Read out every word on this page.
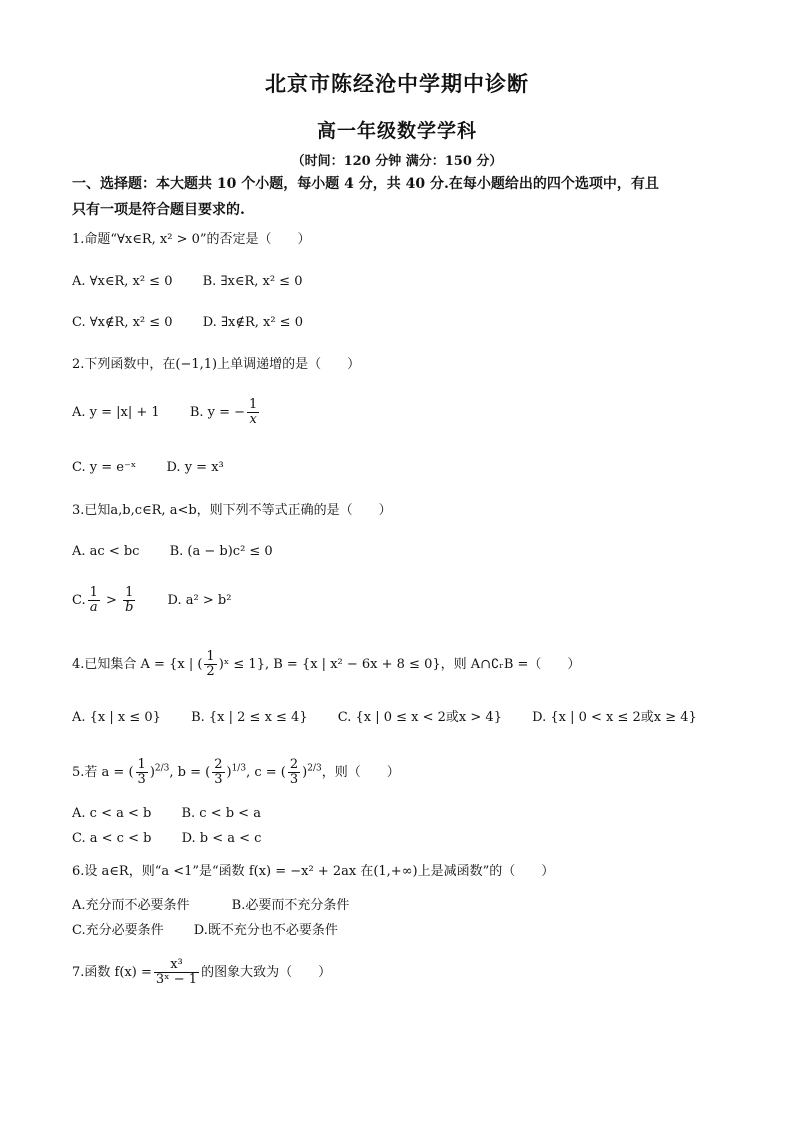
北京市陈经沧中学期中诊断
高一年级数学学科
（时间：120 分钟 满分：150 分）
一、选择题：本大题共 10 个小题，每小题 4 分，共 40 分.在每小题给出的四个选项中，有且
只有一项是符合题目要求的.
1.命题“∀x∈R, x² > 0”的否定是（　　）
A. ∀x∈R, x² ≤ 0 B. ∃x∈R, x² ≤ 0
C. ∀x∉R, x² ≤ 0 D. ∃x∉R, x² ≤ 0
2.下列函数中，在(−1,1)上单调递增的是（　　）
A. y = |x| + 1 B. y = − $\frac{1}{x}$
C. y = e⁻ˣ D. y = x³
3.已知a,b,c∈R, a<b，则下列不等式正确的是（　　）
A. ac < bc B. (a − b)c² ≤ 0
C. $\frac{1}{a} > \frac{1}{b} D$. a² > b²
4.已知集合 A = {x | ( $\frac{1}{2}$ )ˣ ≤ 1}, B = {x | x² − 6x + 8 ≤ 0}，则 A∩∁ᵣB =（　　）
A. {x | x ≤ 0} B. {x | 2 ≤ x ≤ 4} C. {x | 0 ≤ x < 2或x > 4} D. {x | 0 < x ≤ 2或x ≥ 4}
5.若 a = ( $\frac{1}{3} )^{2/3}$, b = ( $\frac{2}{3} )^{1/3}$, c = ( $\frac{2}{3} )^{2/3}$，则（　　）
A. c < a < b B. c < b < a
C. a < c < b D. b < a < c
6.设 a∈R，则“a <1”是“函数 f(x) = −x² + 2ax 在(1,+∞)上是减函数”的（　　）
A.充分而不必要条件	B.必要而不充分条件
C.充分必要条件 D.既不充分也不必要条件
7.函数 $f(x) = \frac{\text{x³}}{\text{3ˣ − 1}}$ 的图象大致为（　　）
